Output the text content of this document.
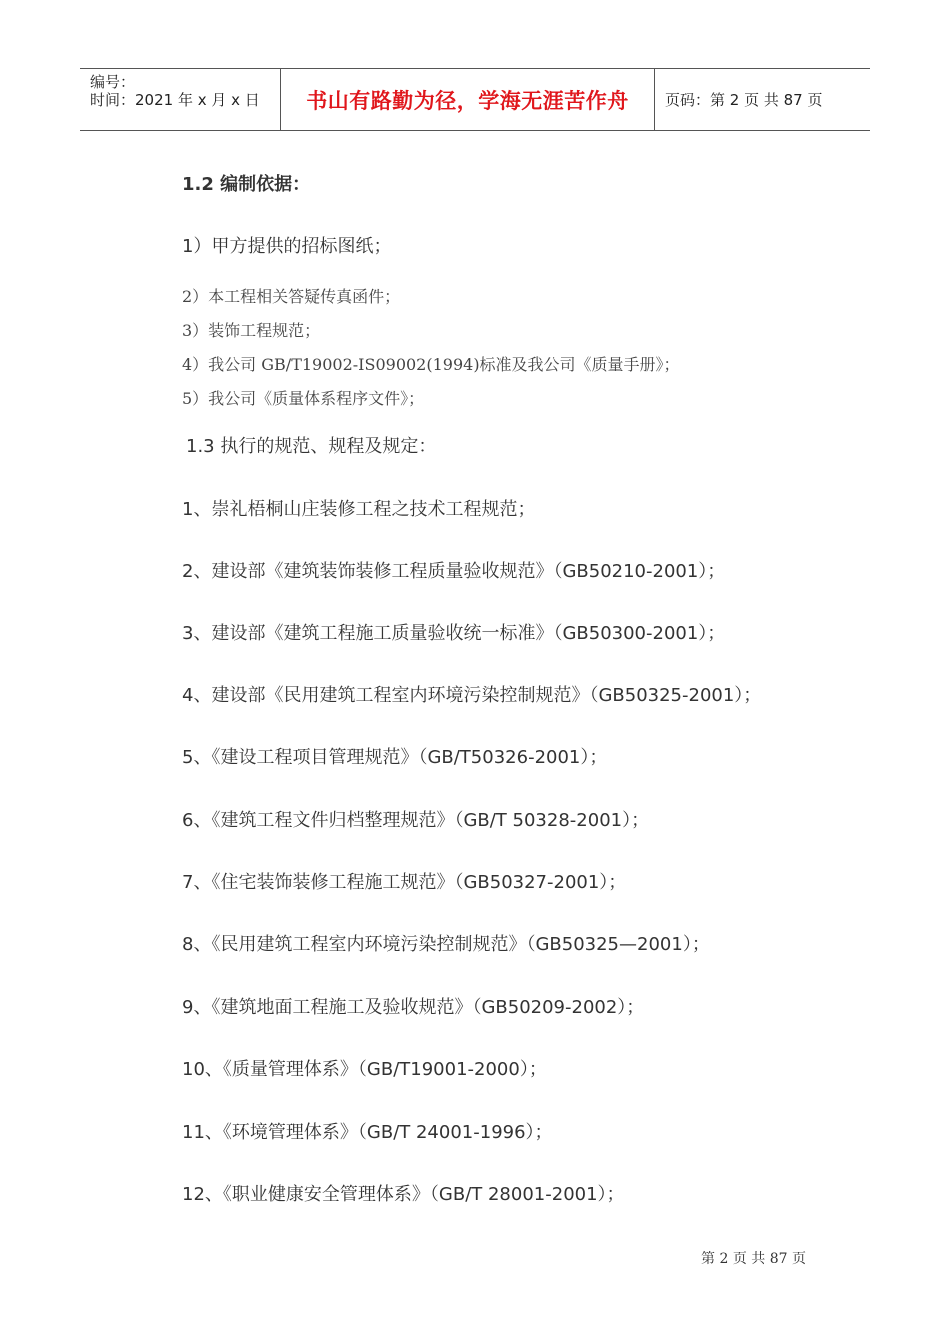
编号：
时间：2021 年 x 月 x 日 书山有路勤为径，学海无涯苦作舟	页码：第 2 页 共 87 页
1.2 编制依据：
1）甲方提供的招标图纸；
2）本工程相关答疑传真函件；
3）装饰工程规范；
4）我公司 GB/T19002-IS09002(1994)标准及我公司《质量手册》；
5）我公司《质量体系程序文件》；
1.3 执行的规范、规程及规定：
1、崇礼梧桐山庄装修工程之技术工程规范；
2、建设部《建筑装饰装修工程质量验收规范》（GB50210-2001）；
3、建设部《建筑工程施工质量验收统一标准》（GB50300-2001）；
4、建设部《民用建筑工程室内环境污染控制规范》（GB50325-2001）；
5、《建设工程项目管理规范》（GB/T50326-2001）；
6、《建筑工程文件归档整理规范》（GB/T 50328-2001）；
7、《住宅装饰装修工程施工规范》（GB50327-2001）；
8、《民用建筑工程室内环境污染控制规范》（GB50325—2001）；
9、《建筑地面工程施工及验收规范》（GB50209-2002）；
10、《质量管理体系》（GB/T19001-2000）；
11、《环境管理体系》（GB/T 24001-1996）；
12、《职业健康安全管理体系》（GB/T 28001-2001）；
第 2 页 共 87 页
